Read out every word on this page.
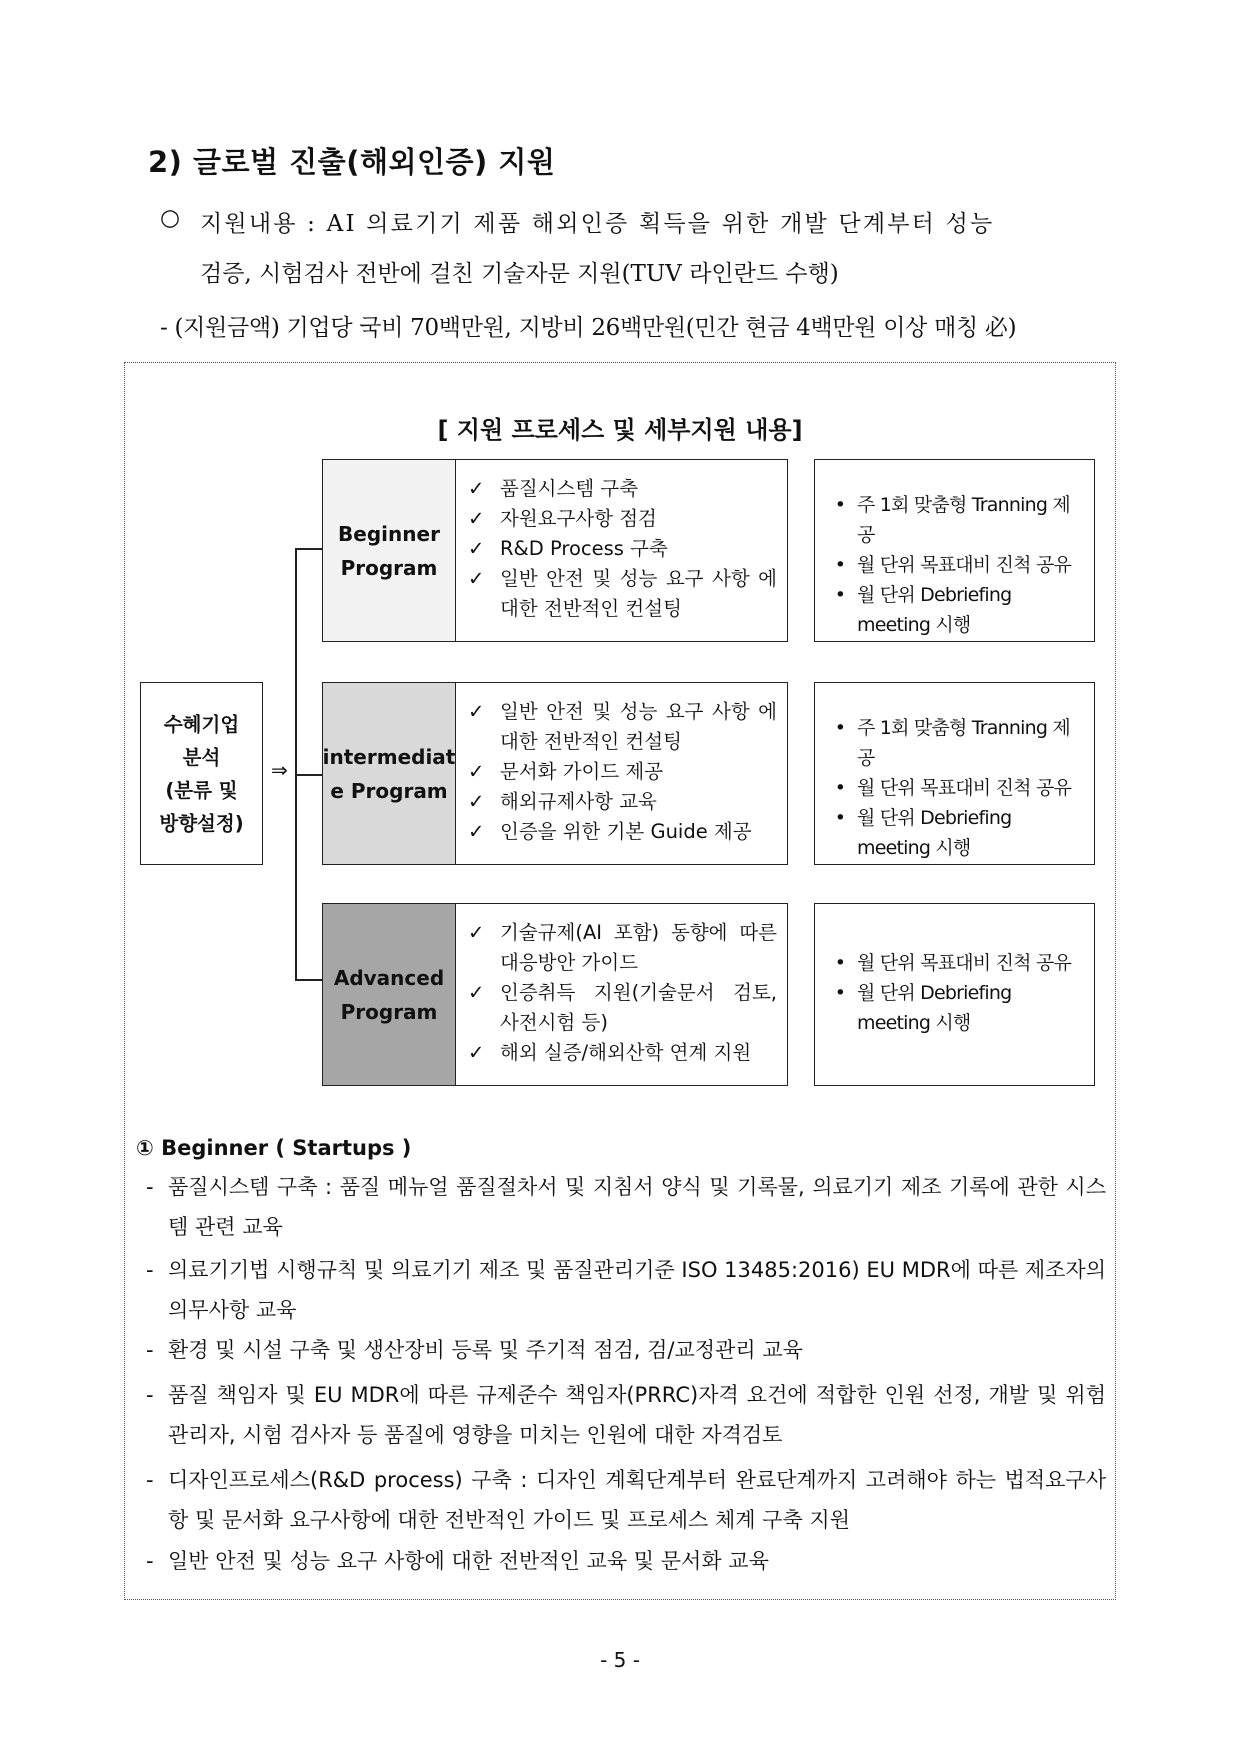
2) 글로벌 진출(해외인증) 지원
○ 지원내용 : AI 의료기기 제품 해외인증 획득을 위한 개발 단계부터 성능
검증, 시험검사 전반에 걸친 기술자문 지원(TUV 라인란드 수행)
- (지원금액) 기업당 국비 70백만원, 지방비 26백만원(민간 현금 4백만원 이상 매칭 必)
[ 지원 프로세스 및 세부지원 내용]
수혜기업
분석
(분류 및
방향설정)
⇒
Beginner
Program
✓ 품질시스템 구축
✓ 자원요구사항 점검
✓ R&D Process 구축
✓ 일반 안전 및 성능 요구 사항 에 대한 전반적인 컨설팅
• 주 1회 맞춤형 Tranning 제공
• 월 단위 목표대비 진척 공유
• 월 단위 Debriefing meeting 시행
intermediat
e Program
✓ 일반 안전 및 성능 요구 사항 에 대한 전반적인 컨설팅
✓ 문서화 가이드 제공
✓ 해외규제사항 교육
✓ 인증을 위한 기본 Guide 제공
• 주 1회 맞춤형 Tranning 제공
• 월 단위 목표대비 진척 공유
• 월 단위 Debriefing meeting 시행
Advanced
Program
✓ 기술규제(AI 포함) 동향에 따른 대응방안 가이드
✓ 인증취득 지원(기술문서 검토, 사전시험 등)
✓ 해외 실증/해외산학 연계 지원
• 월 단위 목표대비 진척 공유
• 월 단위 Debriefing meeting 시행
① Beginner ( Startups )
- 품질시스템 구축 : 품질 메뉴얼 품질절차서 및 지침서 양식 및 기록물, 의료기기 제조 기록에 관한 시스템 관련 교육
- 의료기기법 시행규칙 및 의료기기 제조 및 품질관리기준 ISO 13485:2016) EU MDR에 따른 제조자의 의무사항 교육
- 환경 및 시설 구축 및 생산장비 등록 및 주기적 점검, 검/교정관리 교육
- 품질 책임자 및 EU MDR에 따른 규제준수 책임자(PRRC)자격 요건에 적합한 인원 선정, 개발 및 위험관리자, 시험 검사자 등 품질에 영향을 미치는 인원에 대한 자격검토
- 디자인프로세스(R&D process) 구축 : 디자인 계획단계부터 완료단계까지 고려해야 하는 법적요구사항 및 문서화 요구사항에 대한 전반적인 가이드 및 프로세스 체계 구축 지원
- 일반 안전 및 성능 요구 사항에 대한 전반적인 교육 및 문서화 교육
- 5 -
